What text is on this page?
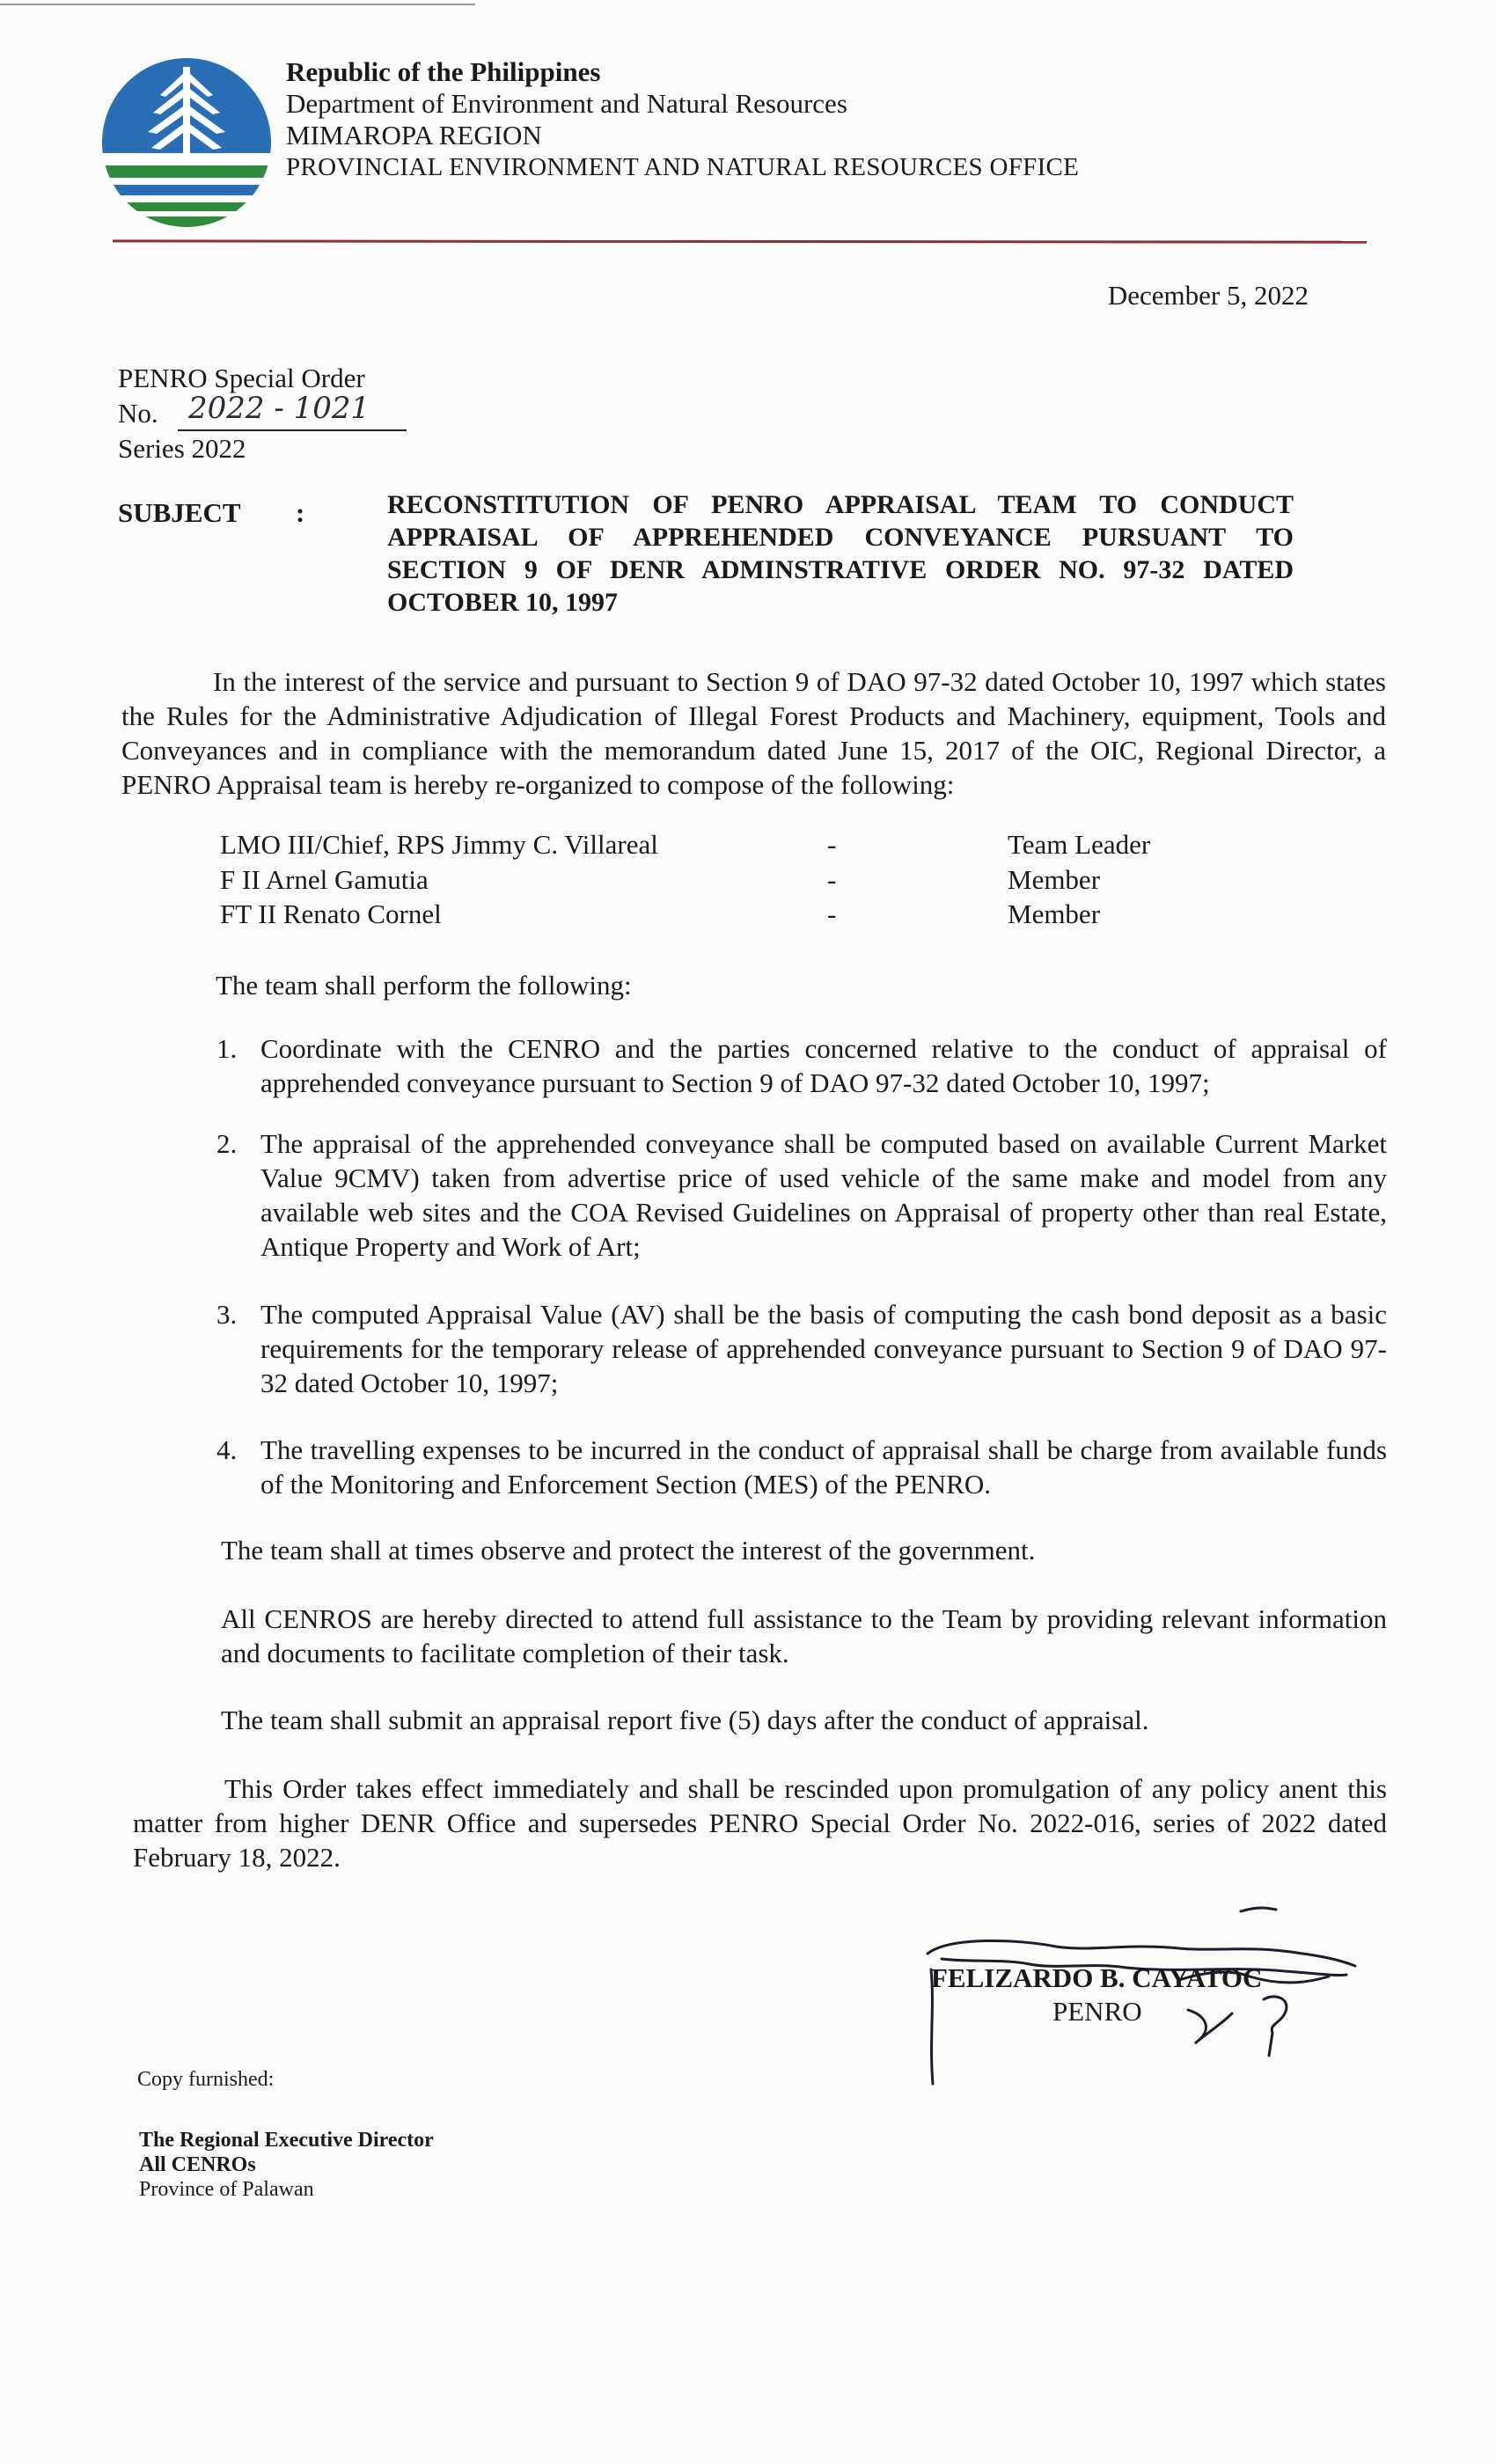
Republic of the Philippines
Department of Environment and Natural Resources
MIMAROPA REGION
PROVINCIAL ENVIRONMENT AND NATURAL RESOURCES OFFICE
December 5, 2022
PENRO Special Order
No. 2022 - 1021
Series 2022
SUBJECT :	RECONSTITUTION OF PENRO APPRAISAL TEAM TO CONDUCT APPRAISAL OF APPREHENDED CONVEYANCE PURSUANT TO SECTION 9 OF DENR ADMINSTRATIVE ORDER NO. 97-32 DATED OCTOBER 10, 1997
In the interest of the service and pursuant to Section 9 of DAO 97-32 dated October 10, 1997 which states the Rules for the Administrative Adjudication of Illegal Forest Products and Machinery, equipment, Tools and Conveyances and in compliance with the memorandum dated June 15, 2017 of the OIC, Regional Director, a PENRO Appraisal team is hereby re-organized to compose of the following:
LMO III/Chief, RPS Jimmy C. Villareal	-	Team Leader
F II Arnel Gamutia	-	Member
FT II Renato Cornel	-	Member
The team shall perform the following:
1. Coordinate with the CENRO and the parties concerned relative to the conduct of appraisal of apprehended conveyance pursuant to Section 9 of DAO 97-32 dated October 10, 1997;
2. The appraisal of the apprehended conveyance shall be computed based on available Current Market Value 9CMV) taken from advertise price of used vehicle of the same make and model from any available web sites and the COA Revised Guidelines on Appraisal of property other than real Estate, Antique Property and Work of Art;
3. The computed Appraisal Value (AV) shall be the basis of computing the cash bond deposit as a basic requirements for the temporary release of apprehended conveyance pursuant to Section 9 of DAO 97-32 dated October 10, 1997;
4. The travelling expenses to be incurred in the conduct of appraisal shall be charge from available funds of the Monitoring and Enforcement Section (MES) of the PENRO.
The team shall at times observe and protect the interest of the government.
All CENROS are hereby directed to attend full assistance to the Team by providing relevant information and documents to facilitate completion of their task.
The team shall submit an appraisal report five (5) days after the conduct of appraisal.
This Order takes effect immediately and shall be rescinded upon promulgation of any policy anent this matter from higher DENR Office and supersedes PENRO Special Order No. 2022-016, series of 2022 dated February 18, 2022.
FELIZARDO B. CAYATOC
PENRO
Copy furnished:
The Regional Executive Director
All CENROs
Province of Palawan
